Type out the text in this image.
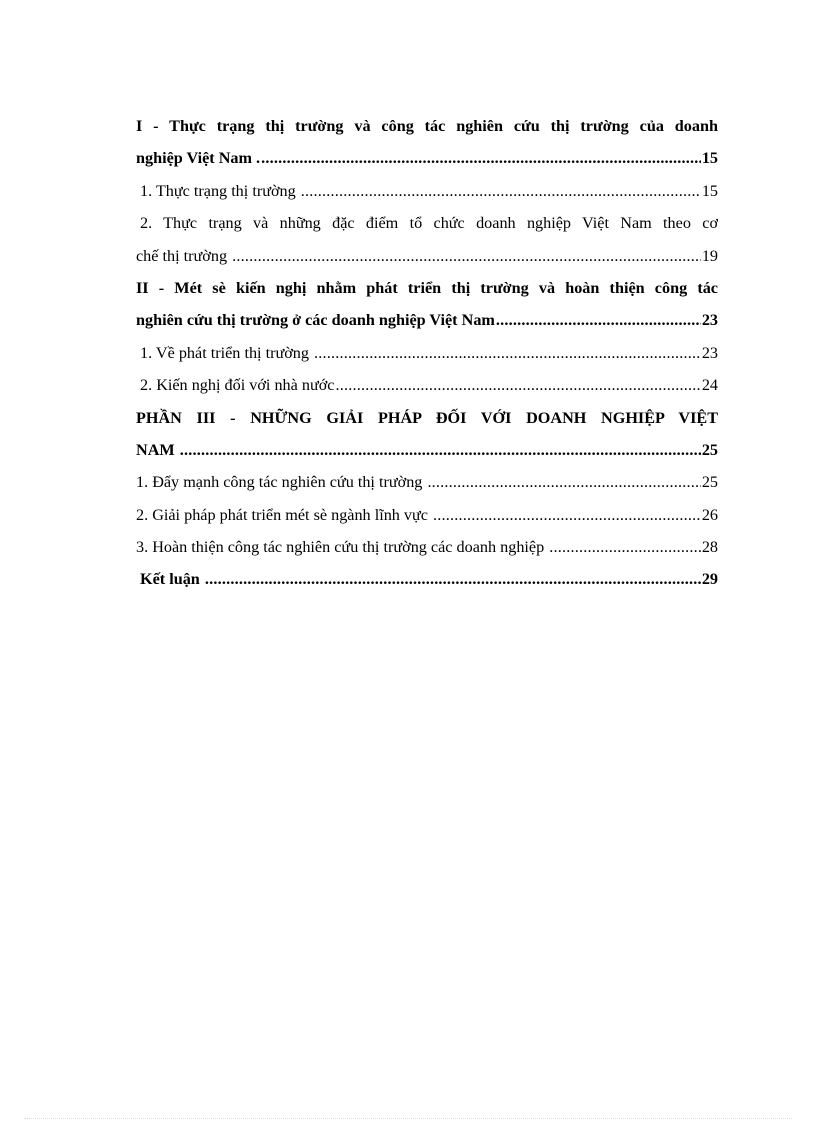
I - Thực trạng thị trường và công tác nghiên cứu thị trường của doanh
nghiệp Việt Nam . .....	15
1. Thực trạng thị trường .....	15
2. Thực trạng và những đặc điểm tổ chức doanh nghiệp Việt Nam theo cơ
chế thị trường .....	19
II - Mét sè kiến nghị nhằm phát triển thị trường và hoàn thiện công tác
nghiên cứu thị trường ở các doanh nghiệp Việt Nam .....	23
1. Về phát triển thị trường .....	23
2. Kiến nghị đối với nhà nước .....	24
PHẦN III - NHỮNG GIẢI PHÁP ĐỐI VỚI DOANH NGHIỆP VIỆT
NAM .....	25
1. Đẩy mạnh công tác nghiên cứu thị trường .....	25
2. Giải pháp phát triển mét sè ngành lĩnh vực .....	26
3. Hoàn thiện công tác nghiên cứu thị trường các doanh nghiệp .....	28
Kết luận .....	29
